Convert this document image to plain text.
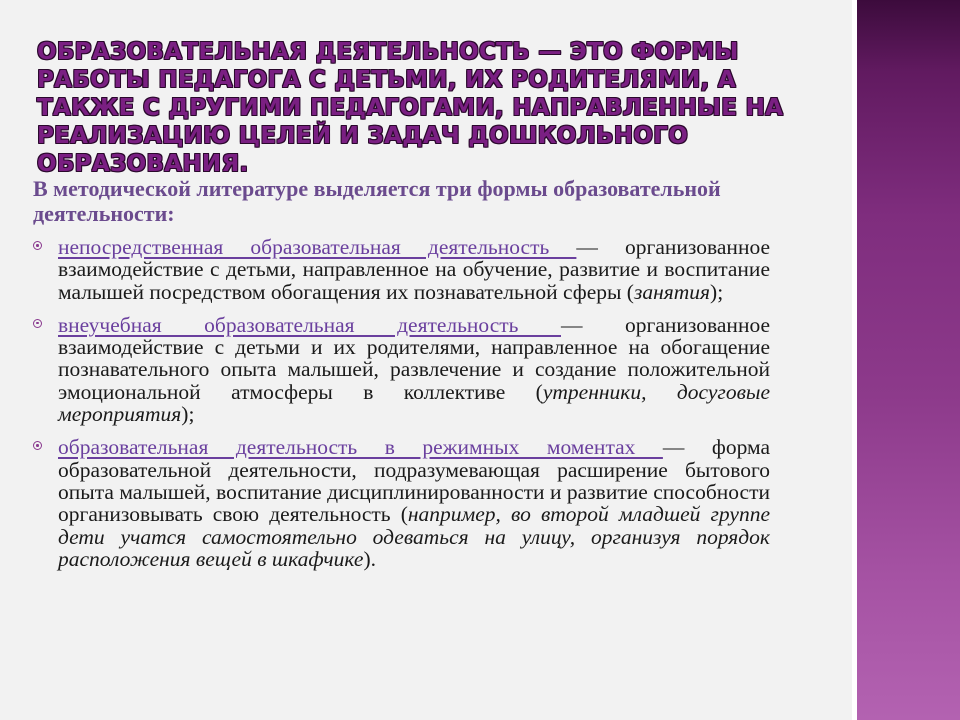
ОБРАЗОВАТЕЛЬНАЯ ДЕЯТЕЛЬНОСТЬ — ЭТО ФОРМЫ РАБОТЫ ПЕДАГОГА С ДЕТЬМИ, ИХ РОДИТЕЛЯМИ, А ТАКЖЕ С ДРУГИМИ ПЕДАГОГАМИ, НАПРАВЛЕННЫЕ НА РЕАЛИЗАЦИЮ ЦЕЛЕЙ И ЗАДАЧ ДОШКОЛЬНОГО ОБРАЗОВАНИЯ.
В методической литературе выделяется три формы образовательной деятельности:
непосредственная образовательная деятельность — организованное взаимодействие с детьми, направленное на обучение, развитие и воспитание малышей посредством обогащения их познавательной сферы (занятия);
внеучебная образовательная деятельность — организованное взаимодействие с детьми и их родителями, направленное на обогащение познавательного опыта малышей, развлечение и создание положительной эмоциональной атмосферы в коллективе (утренники, досуговые мероприятия);
образовательная деятельность в режимных моментах — форма образовательной деятельности, подразумевающая расширение бытового опыта малышей, воспитание дисциплинированности и развитие способности организовывать свою деятельность (например, во второй младшей группе дети учатся самостоятельно одеваться на улицу, организуя порядок расположения вещей в шкафчике).
